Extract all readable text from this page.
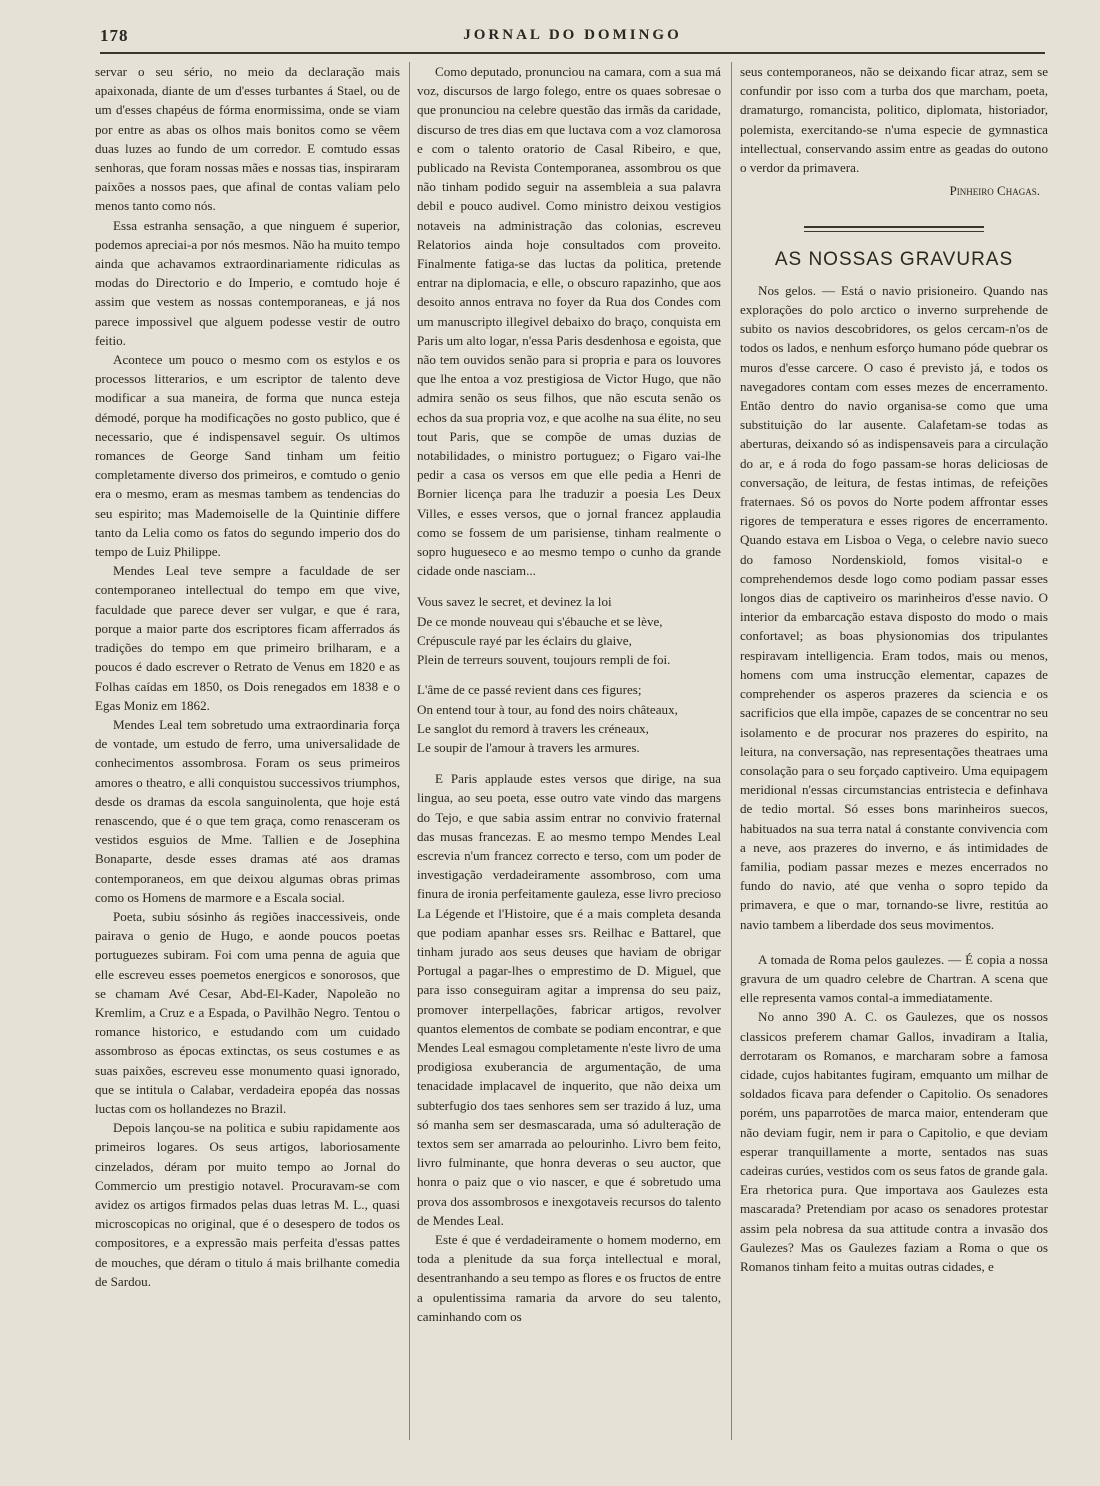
178	JORNAL DO DOMINGO

servar o seu sério, no meio da declaração mais apaixonada, diante de um d'esses turbantes á Stael, ou de um d'esses chapéus de fórma enormissima, onde se viam por entre as abas os olhos mais bonitos como se vêem duas luzes ao fundo de um corredor. E comtudo essas senhoras, que foram nossas mães e nossas tias, inspiraram paixões a nossos paes, que afinal de contas valiam pelo menos tanto como nós.

Essa estranha sensação, a que ninguem é superior, podemos apreciai-a por nós mesmos. Não ha muito tempo ainda que achavamos extraordinariamente ridiculas as modas do Directorio e do Imperio, e comtudo hoje é assim que vestem as nossas contemporaneas, e já nos parece impossivel que alguem podesse vestir de outro feitio.

Acontece um pouco o mesmo com os estylos e os processos litterarios, e um escriptor de talento deve modificar a sua maneira, de forma que nunca esteja démodé, porque ha modificações no gosto publico, que é necessario, que é indispensavel seguir. Os ultimos romances de George Sand tinham um feitio completamente diverso dos primeiros, e comtudo o genio era o mesmo, eram as mesmas tambem as tendencias do seu espirito; mas Mademoiselle de la Quintinie differe tanto da Lelia como os fatos do segundo imperio dos do tempo de Luiz Philippe.

Mendes Leal teve sempre a faculdade de ser contemporaneo intellectual do tempo em que vive, faculdade que parece dever ser vulgar, e que é rara, porque a maior parte dos escriptores ficam afferrados ás tradições do tempo em que primeiro brilharam, e a poucos é dado escrever o Retrato de Venus em 1820 e as Folhas caídas em 1850, os Dois renegados em 1838 e o Egas Moniz em 1862.

Mendes Leal tem sobretudo uma extraordinaria força de vontade, um estudo de ferro, uma universalidade de conhecimentos assombrosa. Foram os seus primeiros amores o theatro, e alli conquistou successivos triumphos, desde os dramas da escola sanguinolenta, que hoje está renascendo, que é o que tem graça, como renasceram os vestidos esguios de Mme. Tallien e de Josephina Bonaparte, desde esses dramas até aos dramas contemporaneos, em que deixou algumas obras primas como os Homens de marmore e a Escala social.

Poeta, subiu sósinho ás regiões inaccessiveis, onde pairava o genio de Hugo, e aonde poucos poetas portuguezes subiram. Foi com uma penna de aguia que elle escreveu esses poemetos energicos e sonorosos, que se chamam Avé Cesar, Abd-El-Kader, Napoleão no Kremlim, a Cruz e a Espada, o Pavilhão Negro. Tentou o romance historico, e estudando com um cuidado assombroso as épocas extinctas, os seus costumes e as suas paixões, escreveu esse monumento quasi ignorado, que se intitula o Calabar, verdadeira epopéa das nossas luctas com os hollandezes no Brazil.

Depois lançou-se na politica e subiu rapidamente aos primeiros logares. Os seus artigos, laboriosamente cinzelados, déram por muito tempo ao Jornal do Commercio um prestigio notavel. Procuravam-se com avidez os artigos firmados pelas duas letras M. L., quasi microscopicas no original, que é o desespero de todos os compositores, e a expressão mais perfeita d'essas pattes de mouches, que déram o titulo á mais brilhante comedia de Sardou.

Como deputado, pronunciou na camara, com a sua má voz, discursos de largo folego, entre os quaes sobresae o que pronunciou na celebre questão das irmãs da caridade, discurso de tres dias em que luctava com a voz clamorosa e com o talento oratorio de Casal Ribeiro, e que, publicado na Revista Contemporanea, assombrou os que não tinham podido seguir na assembleia a sua palavra debil e pouco audivel. Como ministro deixou vestigios notaveis na administração das colonias, escreveu Relatorios ainda hoje consultados com proveito. Finalmente fatiga-se das luctas da politica, pretende entrar na diplomacia, e elle, o obscuro rapazinho, que aos desoito annos entrava no foyer da Rua dos Condes com um manuscripto illegivel debaixo do braço, conquista em Paris um alto logar, n'essa Paris desdenhosa e egoista, que não tem ouvidos senão para si propria e para os louvores que lhe entoa a voz prestigiosa de Victor Hugo, que não admira senão os seus filhos, que não escuta senão os echos da sua propria voz, e que acolhe na sua élite, no seu tout Paris, que se compõe de umas duzias de notabilidades, o ministro portuguez; o Figaro vai-lhe pedir a casa os versos em que elle pedia a Henri de Bornier licença para lhe traduzir a poesia Les Deux Villes, e esses versos, que o jornal francez applaudia como se fossem de um parisiense, tinham realmente o sopro hugueseco e ao mesmo tempo o cunho da grande cidade onde nasciam...

Vous savez le secret, et devinez la loi
De ce monde nouveau qui s'ébauche et se lève,
Crépuscule rayé par les éclairs du glaive,
Plein de terreurs souvent, toujours rempli de foi.
L'âme de ce passé revient dans ces figures;
On entend tour à tour, au fond des noirs châteaux,
Le sanglot du remord à travers les créneaux,
Le soupir de l'amour à travers les armures.

E Paris applaude estes versos que dirige, na sua lingua, ao seu poeta, esse outro vate vindo das margens do Tejo, e que sabia assim entrar no convivio fraternal das musas francezas. E ao mesmo tempo Mendes Leal escrevia n'um francez correcto e terso, com um poder de investigação verdadeiramente assombroso, com uma finura de ironia perfeitamente gauleza, esse livro precioso La Légende et l'Histoire, que é a mais completa desanda que podiam apanhar esses srs. Reilhac e Battarel, que tinham jurado aos seus deuses que haviam de obrigar Portugal a pagar-lhes o emprestimo de D. Miguel, que para isso conseguiram agitar a imprensa do seu paiz, promover interpellações, fabricar artigos, revolver quantos elementos de combate se podiam encontrar, e que Mendes Leal esmagou completamente n'este livro de uma prodigiosa exuberancia de argumentação, de uma tenacidade implacavel de inquerito, que não deixa um subterfugio dos taes senhores sem ser trazido á luz, uma só manha sem ser desmascarada, uma só adulteração de textos sem ser amarrada ao pelourinho. Livro bem feito, livro fulminante, que honra deveras o seu auctor, que honra o paiz que o vio nascer, e que é sobretudo uma prova dos assombrosos e inexgotaveis recursos do talento de Mendes Leal.

Este é que é verdadeiramente o homem moderno, em toda a plenitude da sua força intellectual e moral, desentranhando a seu tempo as flores e os fructos de entre a opulentissima ramaria da arvore do seu talento, caminhando com os

seus contemporaneos, não se deixando ficar atraz, sem se confundir por isso com a turba dos que marcham, poeta, dramaturgo, romancista, politico, diplomata, historiador, polemista, exercitando-se n'uma especie de gymnastica intellectual, conservando assim entre as geadas do outono o verdor da primavera.

Pinheiro Chagas.
AS NOSSAS GRAVURAS

Nos gelos. — Está o navio prisioneiro. Quando nas explorações do polo arctico o inverno surprehende de subito os navios descobridores, os gelos cercam-n'os de todos os lados, e nenhum esforço humano póde quebrar os muros d'esse carcere. O caso é previsto já, e todos os navegadores contam com esses mezes de encerramento. Então dentro do navio organisa-se como que uma substituição do lar ausente. Calafetam-se todas as aberturas, deixando só as indispensaveis para a circulação do ar, e á roda do fogo passam-se horas deliciosas de conversação, de leitura, de festas intimas, de refeições fraternaes. Só os povos do Norte podem affrontar esses rigores de temperatura e esses rigores de encerramento. Quando estava em Lisboa o Vega, o celebre navio sueco do famoso Nordenskiold, fomos visital-o e comprehendemos desde logo como podiam passar esses longos dias de captiveiro os marinheiros d'esse navio. O interior da embarcação estava disposto do modo o mais confortavel; as boas physionomias dos tripulantes respiravam intelligencia. Eram todos, mais ou menos, homens com uma instrucção elementar, capazes de comprehender os asperos prazeres da sciencia e os sacrificios que ella impõe, capazes de se concentrar no seu isolamento e de procurar nos prazeres do espirito, na leitura, na conversação, nas representações theatraes uma consolação para o seu forçado captiveiro. Uma equipagem meridional n'essas circumstancias entristecia e definhava de tedio mortal. Só esses bons marinheiros suecos, habituados na sua terra natal á constante convivencia com a neve, aos prazeres do inverno, e ás intimidades de familia, podiam passar mezes e mezes encerrados no fundo do navio, até que venha o sopro tepido da primavera, e que o mar, tornando-se livre, restitúa ao navio tambem a liberdade dos seus movimentos.

A tomada de Roma pelos gaulezes. — É copia a nossa gravura de um quadro celebre de Chartran. A scena que elle representa vamos contal-a immediatamente.

No anno 390 A. C. os Gaulezes, que os nossos classicos preferem chamar Gallos, invadiram a Italia, derrotaram os Romanos, e marcharam sobre a famosa cidade, cujos habitantes fugiram, emquanto um milhar de soldados ficava para defender o Capitolio. Os senadores porém, uns paparrotões de marca maior, entenderam que não deviam fugir, nem ir para o Capitolio, e que deviam esperar tranquillamente a morte, sentados nas suas cadeiras curúes, vestidos com os seus fatos de grande gala. Era rhetorica pura. Que importava aos Gaulezes esta mascarada? Pretendiam por acaso os senadores protestar assim pela nobresa da sua attitude contra a invasão dos Gaulezes? Mas os Gaulezes faziam a Roma o que os Romanos tinham feito a muitas outras cidades, e
